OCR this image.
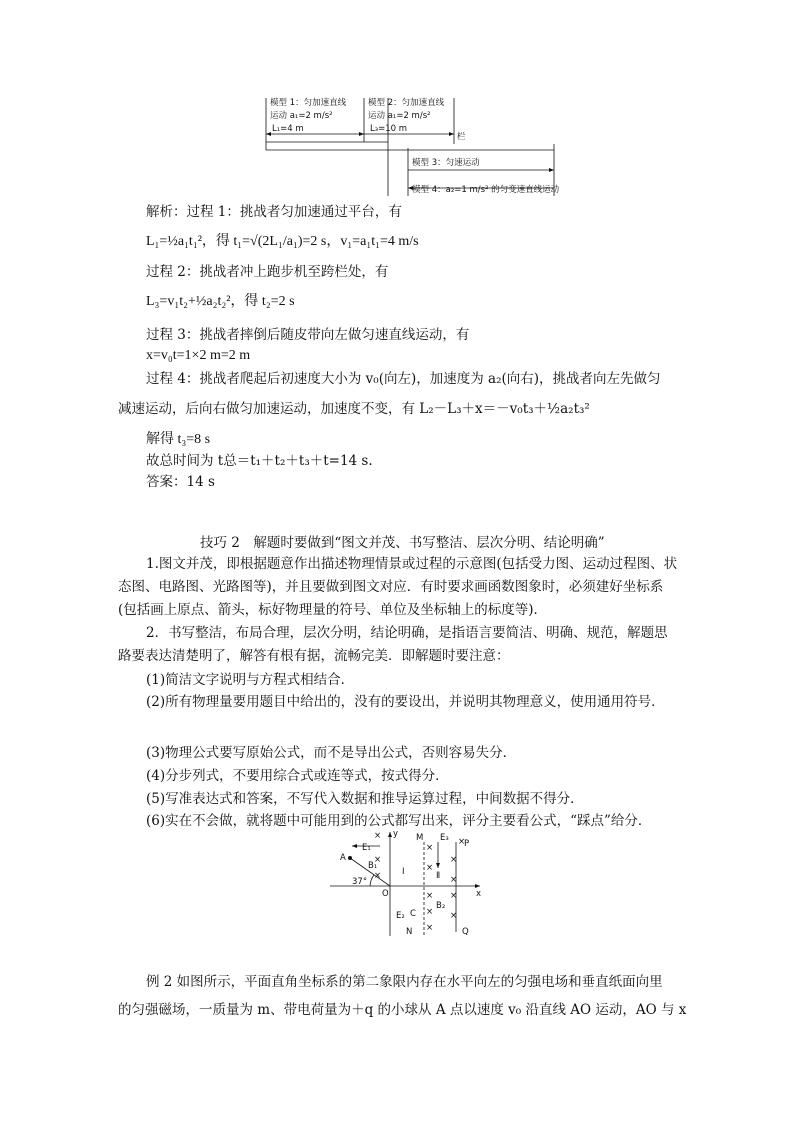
模型 1：匀加速直线
运动 a₁=2 m/s²
L₁=4 m
模型 2：匀加速直线
运动 a₁=2 m/s²
L₃=10 m
栏
模型 3：匀速运动
模型 4：a₂=1 m/s² 的匀变速直线运动
解析：过程 1：挑战者匀加速通过平台，有
L₁=½a₁t₁²，得 t₁=√(2L₁/a₁)=2 s，v₁=a₁t₁=4 m/s
过程 2：挑战者冲上跑步机至跨栏处，有
L₃=v₁t₂+½a₂t₂²，得 t₂=2 s
过程 3：挑战者摔倒后随皮带向左做匀速直线运动，有
x=v₀t=1×2 m=2 m
过程 4：挑战者爬起后初速度大小为 v₀(向左)，加速度为 a₂(向右)，挑战者向左先做匀
减速运动，后向右做匀加速运动，加速度不变，有 L₂－L₃＋x＝－v₀t₃＋½a₂t₃²
解得 t₃=8 s
故总时间为 t总＝t₁＋t₂＋t₃＋t=14 s.
答案：14 s
技巧 2　解题时要做到“图文并茂、书写整洁、层次分明、结论明确”
1.图文并茂，即根据题意作出描述物理情景或过程的示意图(包括受力图、运动过程图、状态图、电路图、光路图等)，并且要做到图文对应．有时要求画函数图象时，必须建好坐标系(包括画上原点、箭头，标好物理量的符号、单位及坐标轴上的标度等)．
2．书写整洁，布局合理，层次分明，结论明确，是指语言要简洁、明确、规范，解题思路要表达清楚明了，解答有根有据，流畅完美．即解题时要注意：
(1)简洁文字说明与方程式相结合．
(2)所有物理量要用题目中给出的，没有的要设出，并说明其物理意义，使用通用符号．
(3)物理公式要写原始公式，而不是导出公式，否则容易失分．
(4)分步列式，不要用综合式或连等式，按式得分．
(5)写准表达式和答案，不写代入数据和推导运算过程，中间数据不得分．
(6)实在不会做，就将题中可能用到的公式都写出来，评分主要看公式，“踩点”给分．
×
×
×
×
×
×
×
×
×
×
×
×
×
y
x
O
A
E₁
B₁
37°
Ⅰ	Ⅱ
M
P
E₃
E₂ C
B₂
N	Q
例 2 如图所示，平面直角坐标系的第二象限内存在水平向左的匀强电场和垂直纸面向里
的匀强磁场，一质量为 m、带电荷量为＋q 的小球从 A 点以速度 v₀ 沿直线 AO 运动，AO 与 x
